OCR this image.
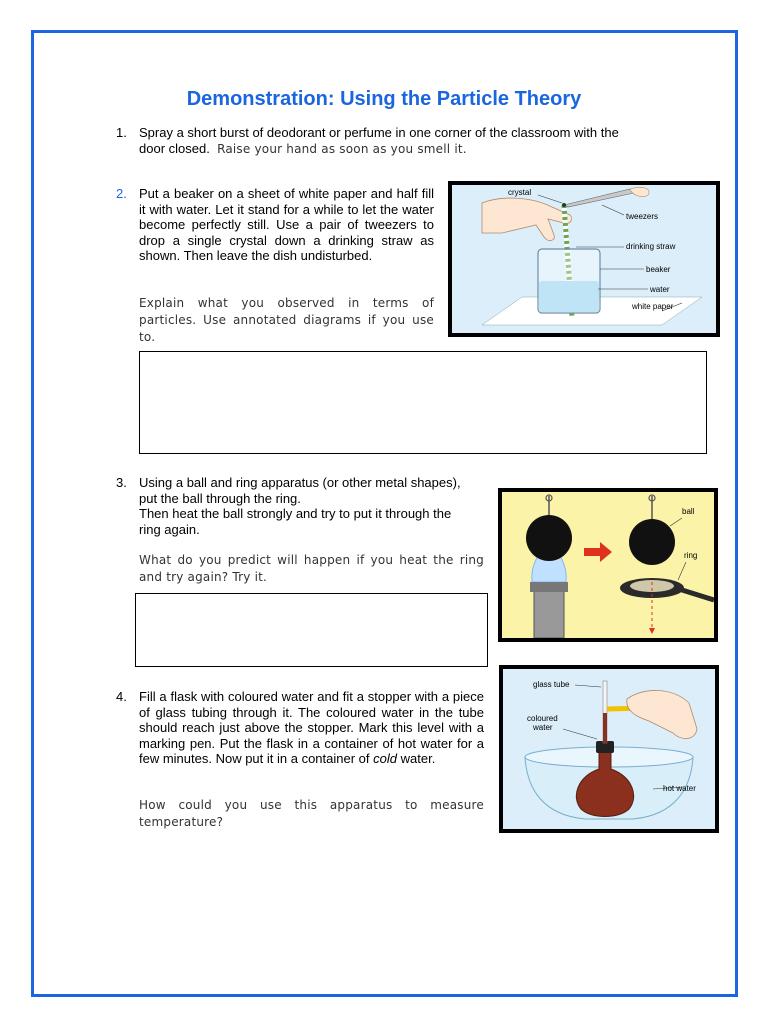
Demonstration: Using the Particle Theory
1. Spray a short burst of deodorant or perfume in one corner of the classroom with the
door closed. Raise your hand as soon as you smell it.
2. Put a beaker on a sheet of white paper and half fill it with water. Let it stand for a while to let the water become perfectly still. Use a pair of tweezers to drop a single crystal down a drinking straw as shown. Then leave the dish undisturbed.
Explain what you observed in terms of particles. Use annotated diagrams if you use to.
crystal
tweezers
drinking straw
beaker
water
white paper
3. Using a ball and ring apparatus (or other metal shapes),
put the ball through the ring.
Then heat the ball strongly and try to put it through the
ring again.
What do you predict will happen if you heat the ring and try again? Try it.
ball
ring
4. Fill a flask with coloured water and fit a stopper with a piece of glass tubing through it. The coloured water in the tube should reach just above the stopper. Mark this level with a marking pen. Put the flask in a container of hot water for a few minutes. Now put it in a container of cold water.
How could you use this apparatus to measure temperature?
glass tube
coloured
water
hot water
